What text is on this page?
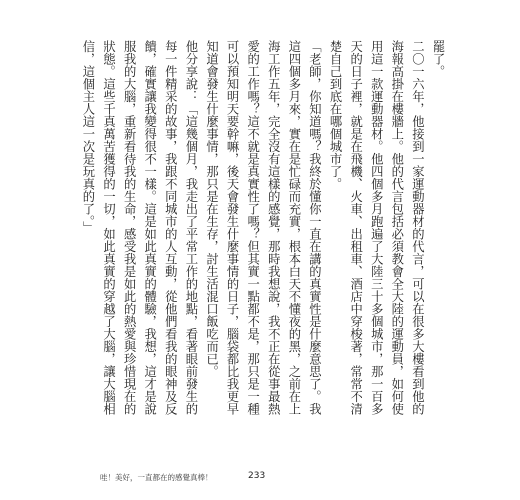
罷了。

二〇一六年，他接到一家運動器材的代言，可以在很多大樓看到他的海報高掛在樓牆上。他的代言包括必須教會全大陸的運動員，如何使用這一款運動器材。他四個多月跑遍了大陸三十多個城市，那一百多天的日子裡，就是在飛機、火車、出租車、酒店中穿梭著，常常不清楚自己到底在哪個城市了。

「老師，你知道嗎？我終於懂你一直在講的真實性是什麼意思了。我這四個多月來，實在是忙碌而充實，根本白天不懂夜的黑，之前在上海工作五年，完全沒有這樣的感覺，那時我想說，我不正在從事最熱愛的工作嗎？這不就是真實性了嗎？但其實一點都不是，那只是一種可以預知明天要幹嘛，後天會發生什麼事情的日子，腦袋都比我更早知道會發生什麼事情，那只是在生存，討生活混口飯吃而已。

他分享說：「這幾個月，我走出了平常工作的地點，看著眼前發生的每一件精采的故事，我跟不同城市的人互動，從他們看我的眼神及反饋，確實讓我變得很不一樣。這是如此真實的體驗，我想，這才是說服我的大腦，重新看待我的生命，感受我是如此的熱愛與珍惜現在的狀態。這些千真萬苦獲得的一切，如此真實的穿越了大腦，讓大腦相信，這個主人這一次是玩真的了。」

哇！美好，一直都在的感覺真棒！	233
